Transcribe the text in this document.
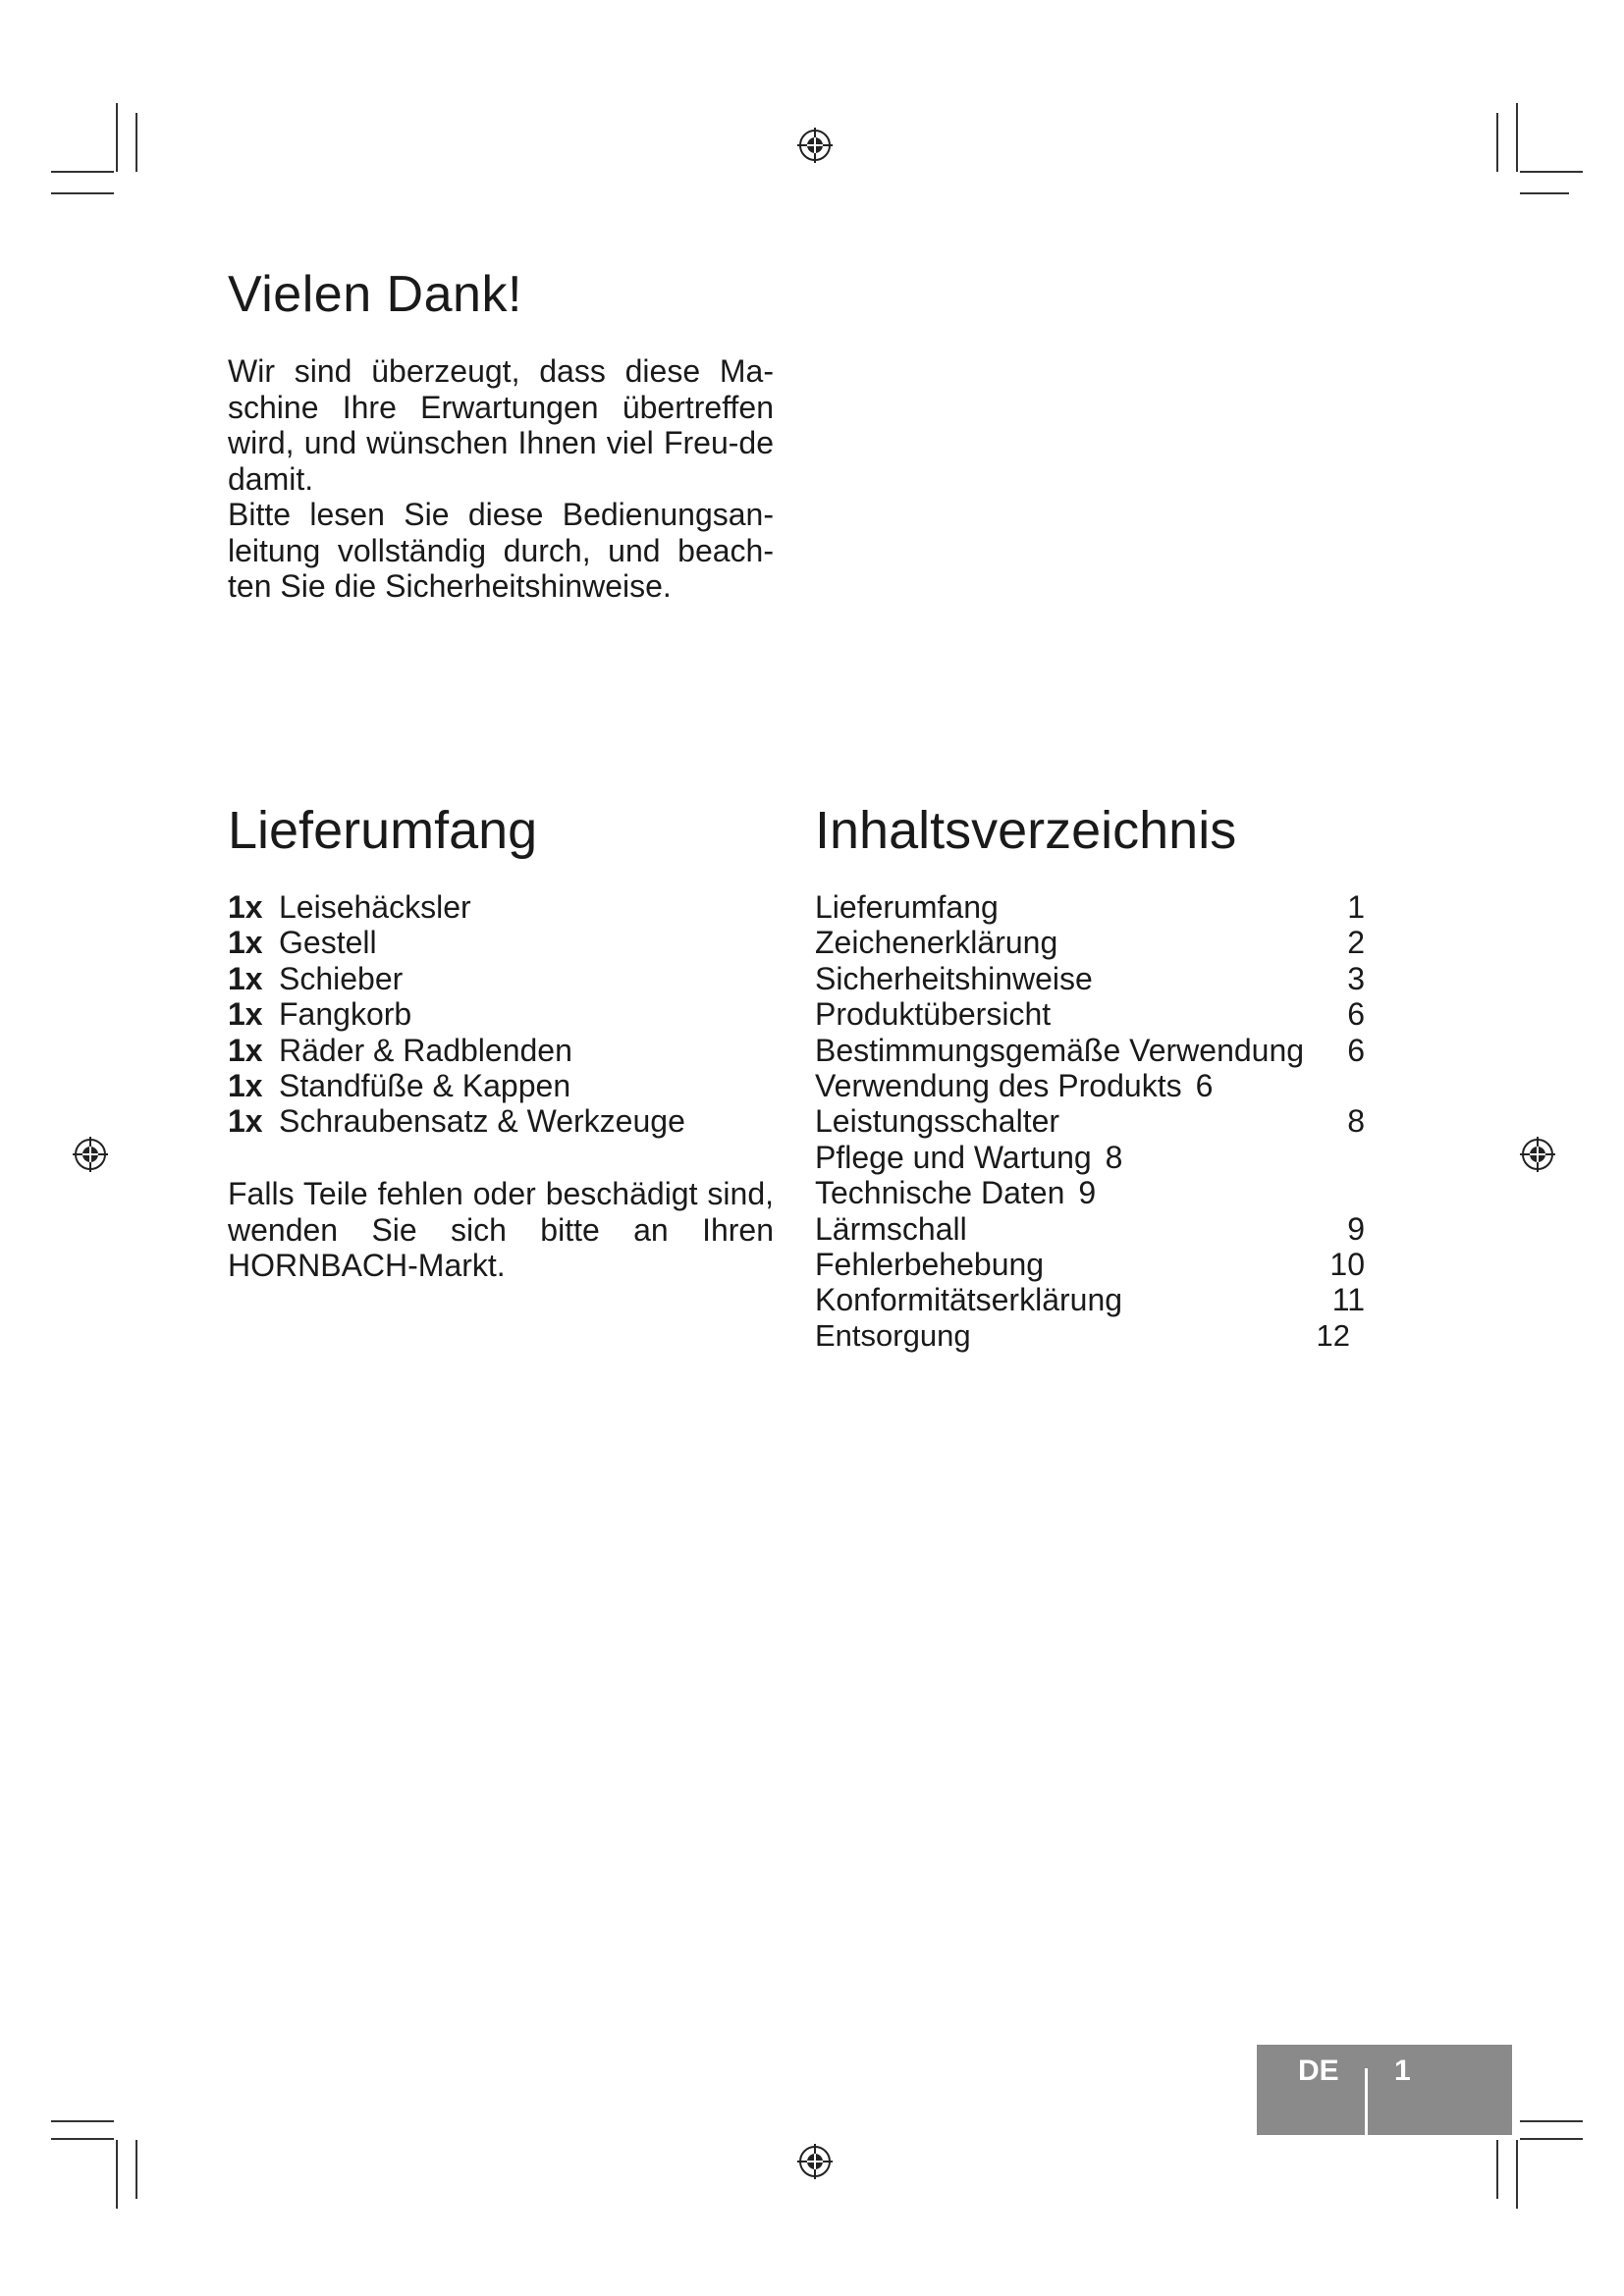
Vielen Dank!

Wir sind überzeugt, dass diese Ma-schine Ihre Erwartungen übertreffen wird, und wünschen Ihnen viel Freu-de damit.

Bitte lesen Sie diese Bedienungsan-leitung vollständig durch, und beach-ten Sie die Sicherheitshinweise.

Lieferumfang
1x Leisehäcksler
1x Gestell
1x Schieber
1x Fangkorb
1x Räder & Radblenden
1x Standfüße & Kappen
1x Schraubensatz & Werkzeuge
Falls Teile fehlen oder beschädigt sind, wenden Sie sich bitte an Ihren HORNBACH-Markt.
Inhaltsverzeichnis
Lieferumfang	1
Zeichenerklärung	2
Sicherheitshinweise	3
Produktübersicht	6
Bestimmungsgemäße Verwendung	6
Verwendung des Produkts 6
Leistungsschalter	8
Pflege und Wartung 8
Technische Daten 9
Lärmschall	9
Fehlerbehebung	10
Konformitätserklärung	11
Entsorgung	12
DE 1
